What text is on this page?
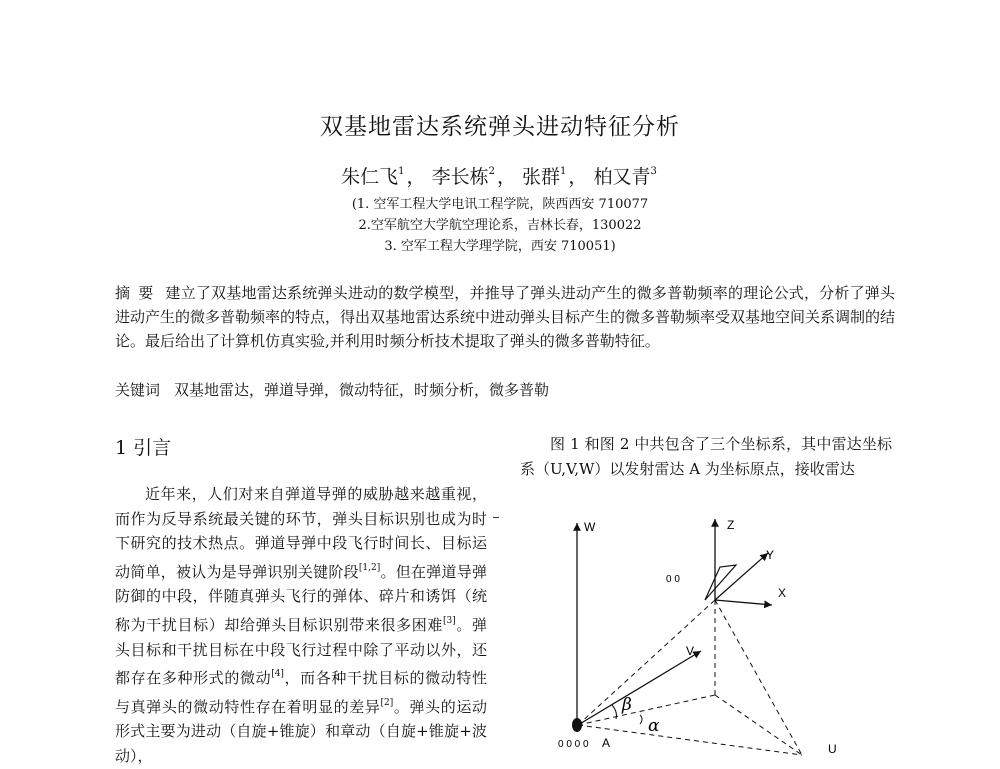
双基地雷达系统弹头进动特征分析
朱仁飞$^1$ ， 李长栋$^2$ ， 张群$^1$ ， 柏又青$^3$
(1. 空军工程大学电讯工程学院，陕西西安 710077
2.空军航空大学航空理论系，吉林长春，130022
3. 空军工程大学理学院，西安 710051)
摘要 建立了双基地雷达系统弹头进动的数学模型，并推导了弹头进动产生的微多普勒频率的理论公式，分析了弹头进动产生的微多普勒频率的特点，得出双基地雷达系统中进动弹头目标产生的微多普勒频率受双基地空间关系调制的结论。最后给出了计算机仿真实验,并利用时频分析技术提取了弹头的微多普勒特征。
关键词 双基地雷达，弹道导弹，微动特征，时频分析，微多普勒
1 引言
近年来，人们对来自弹道导弹的威胁越来越重视，而作为反导系统最关键的环节，弹头目标识别也成为时下研究的技术热点。弹道导弹中段飞行时间长、目标运动简单，被认为是导弹识别关键阶段[1,2]。但在弹道导弹防御的中段，伴随真弹头飞行的弹体、碎片和诱饵（统称为干扰目标）却给弹头目标识别带来很多困难[3]。弹头目标和干扰目标在中段飞行过程中除了平动以外，还都存在多种形式的微动[4]，而各种干扰目标的微动特性与真弹头的微动特性存在着明显的差异[2]。弹头的运动形式主要为进动（自旋+锥旋）和章动（自旋+锥旋+波动），
图 1 和图 2 中共包含了三个坐标系，其中雷达坐标系（U,V,W）以发射雷达 A 为坐标原点，接收雷达
W	Z
Y
X
0 0
V
β
α
0 0 0 0 A	U
